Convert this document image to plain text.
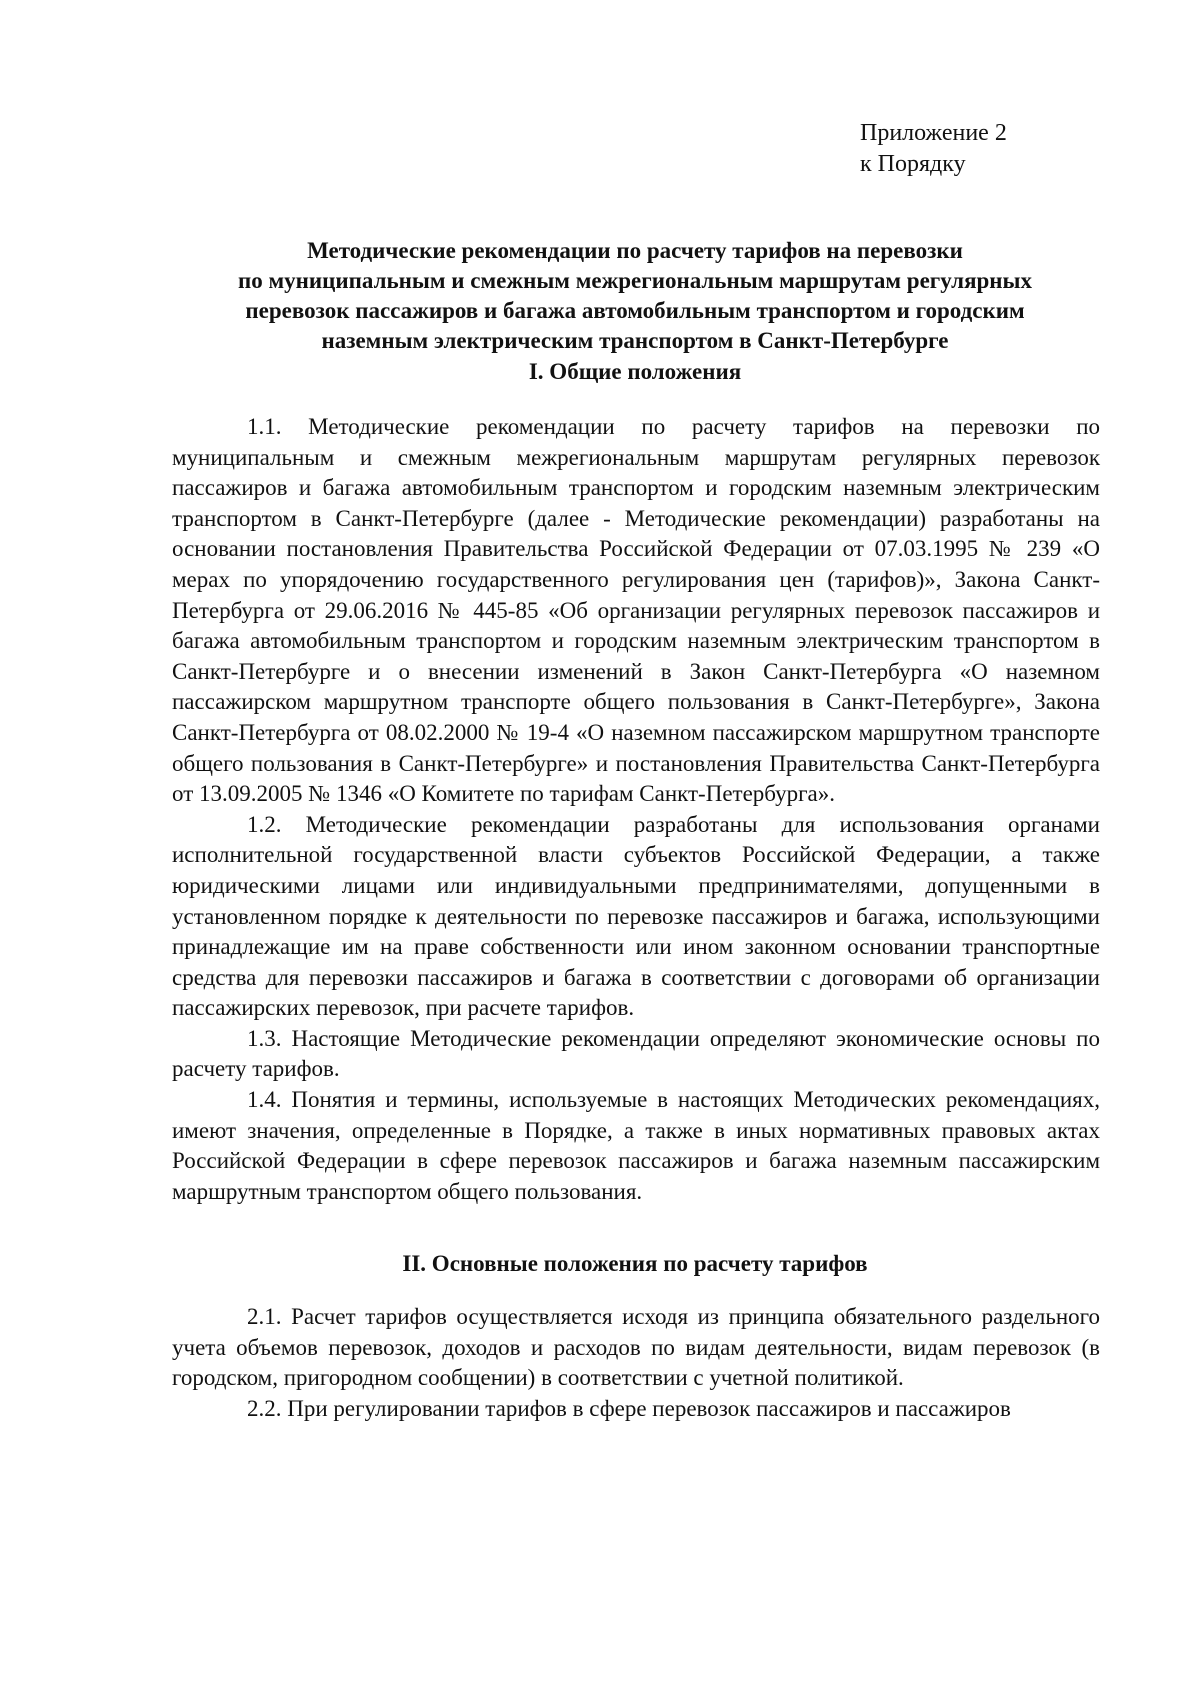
Приложение 2
к Порядку
Методические рекомендации по расчету тарифов на перевозки
по муниципальным и смежным межрегиональным маршрутам регулярных
перевозок пассажиров и багажа автомобильным транспортом и городским
наземным электрическим транспортом в Санкт-Петербурге
I. Общие положения

1.1. Методические рекомендации по расчету тарифов на перевозки по муниципальным и смежным межрегиональным маршрутам регулярных перевозок пассажиров и багажа автомобильным транспортом и городским наземным электрическим транспортом в Санкт-Петербурге (далее - Методические рекомендации) разработаны на основании постановления Правительства Российской Федерации от 07.03.1995 № 239 «О мерах по упорядочению государственного регулирования цен (тарифов)», Закона Санкт-Петербурга от 29.06.2016 № 445-85 «Об организации регулярных перевозок пассажиров и багажа автомобильным транспортом и городским наземным электрическим транспортом в Санкт-Петербурге и о внесении изменений в Закон Санкт-Петербурга «О наземном пассажирском маршрутном транспорте общего пользования в Санкт-Петербурге», Закона Санкт-Петербурга от 08.02.2000 № 19-4 «О наземном пассажирском маршрутном транспорте общего пользования в Санкт-Петербурге» и постановления Правительства Санкт-Петербурга от 13.09.2005 № 1346 «О Комитете по тарифам Санкт-Петербурга».

1.2. Методические рекомендации разработаны для использования органами исполнительной государственной власти субъектов Российской Федерации, а также юридическими лицами или индивидуальными предпринимателями, допущенными в установленном порядке к деятельности по перевозке пассажиров и багажа, использующими принадлежащие им на праве собственности или ином законном основании транспортные средства для перевозки пассажиров и багажа в соответствии с договорами об организации пассажирских перевозок, при расчете тарифов.

1.3. Настоящие Методические рекомендации определяют экономические основы по расчету тарифов.

1.4. Понятия и термины, используемые в настоящих Методических рекомендациях, имеют значения, определенные в Порядке, а также в иных нормативных правовых актах Российской Федерации в сфере перевозок пассажиров и багажа наземным пассажирским маршрутным транспортом общего пользования.

II. Основные положения по расчету тарифов

2.1. Расчет тарифов осуществляется исходя из принципа обязательного раздельного учета объемов перевозок, доходов и расходов по видам деятельности, видам перевозок (в городском, пригородном сообщении) в соответствии с учетной политикой.

2.2. При регулировании тарифов в сфере перевозок пассажиров и пассажиров
